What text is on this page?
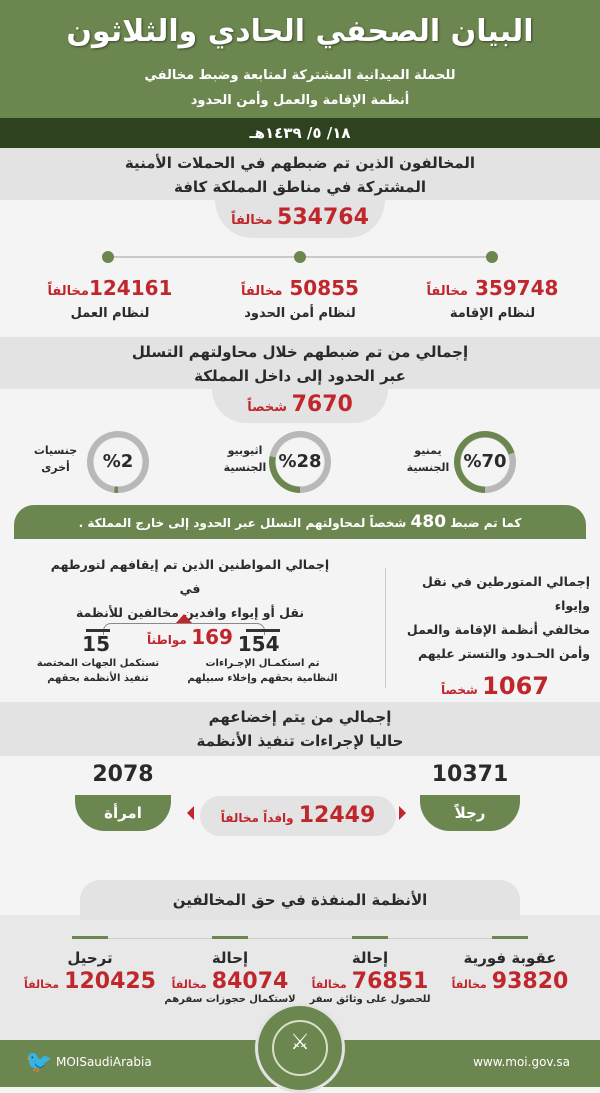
البيان الصحفي الحادي والثلاثون
للحملة الميدانية المشتركة لمتابعة وضبط مخالفي
أنظمة الإقامة والعمل وأمن الحدود
١٨/ ٥/ ١٤٣٩هـ
المخالفون الذين تم ضبطهم في الحملات الأمنية
المشتركة في مناطق المملكة كافة
534764 مخالفاً
359748 مخالفاً
لنظام الإقامة
50855 مخالفاً
لنظام أمن الحدود
124161مخالفاً
لنظام العمل
إجمالي من تم ضبطهم خلال محاولتهم التسلل
عبر الحدود إلى داخل المملكة
7670 شخصاً
%70
%28
%2
يمنيو
الجنسية
اثيوبيو
الجنسية
جنسيات
أخرى
كما تم ضبط 480 شخصاً لمحاولتهم التسلل عبر الحدود إلى خارج المملكة .
إجمالي المتورطين في نقل وإيواء
مخالفي أنظمة الإقامة والعمل
وأمن الحـدود والتستر عليهم
1067 شخصاً
إجمالي المواطنين الذين تم إيقافهم لتورطهم في
نقل أو إيواء وافدين مخالفين للأنظمة
169 مواطناً	154
تم استكمـال الإجـراءات
النظامية بحقهم وإخلاء سبيلهم
15
تستكمل الجهات المختصة
تنفيذ الأنظمة بحقهم
إجمالي من يتم إخضاعهم
حاليا لإجراءات تنفيذ الأنظمة
10371
رجلاً
2078
امرأة	12449 وافداً مخالفاً
الأنظمة المنفذة في حق المخالفين
عقوبة فورية
93820 مخالفاً
إحالة
76851 مخالفاً
للحصول على وثائق سفر
إحالة
84074 مخالفاً
لاستكمال حجوزات سفرهم
ترحيل
120425 مخالفاً
🐦 MOISaudiArabia	www.moi.gov.sa
⚔
